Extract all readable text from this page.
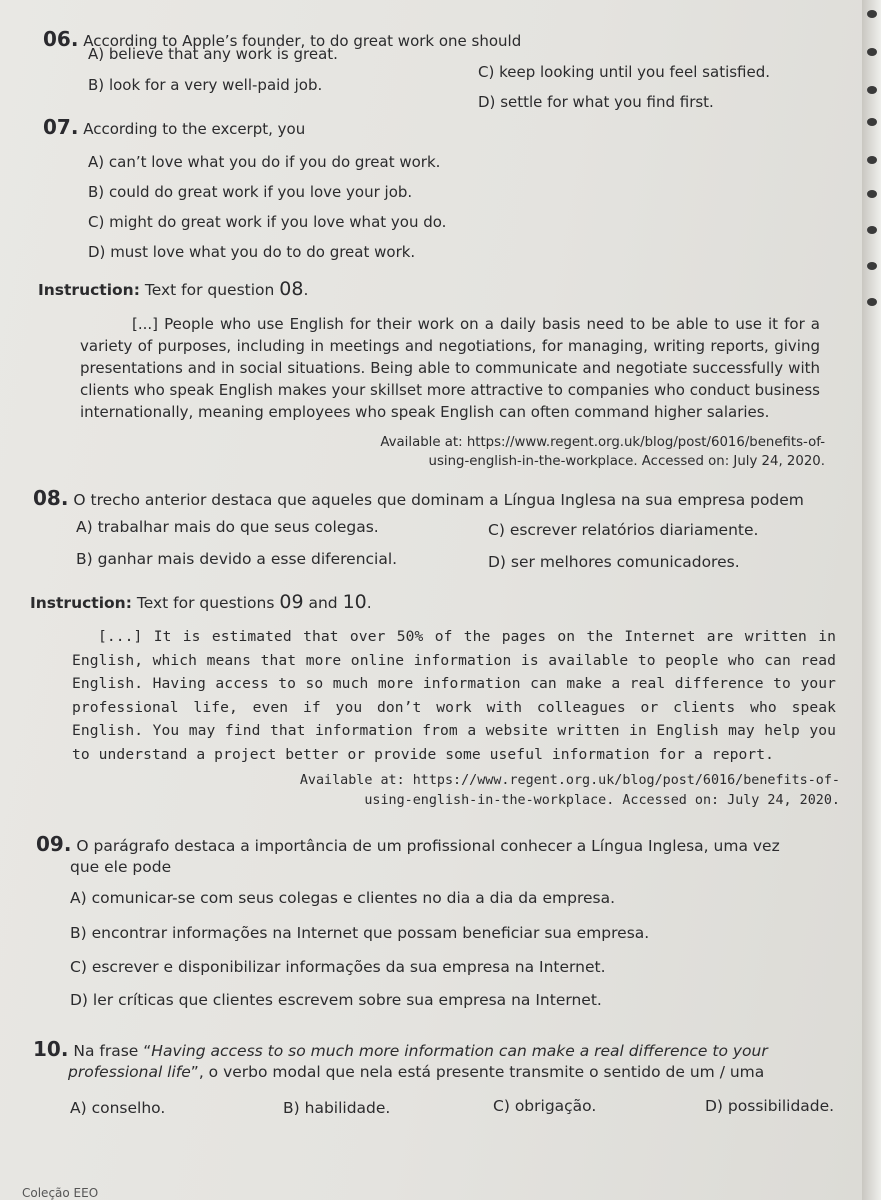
06. According to Apple’s founder, to do great work one should
A) believe that any work is great.
C) keep looking until you feel satisfied.
B) look for a very well-paid job.
D) settle for what you find first.
07. According to the excerpt, you
A) can’t love what you do if you do great work.
B) could do great work if you love your job.
C) might do great work if you love what you do.
D) must love what you do to do great work.
Instruction: Text for question 08.
[...] People who use English for their work on a daily basis need to be able to use it for a variety of purposes, including in meetings and negotiations, for managing, writing reports, giving presentations and in social situations. Being able to communicate and negotiate successfully with clients who speak English makes your skillset more attractive to companies who conduct business internationally, meaning employees who speak English can often command higher salaries.
Available at: https://www.regent.org.uk/blog/post/6016/benefits-of-
using-english-in-the-workplace. Accessed on: July 24, 2020.
08. O trecho anterior destaca que aqueles que dominam a Língua Inglesa na sua empresa podem
A) trabalhar mais do que seus colegas.	C) escrever relatórios diariamente.
B) ganhar mais devido a esse diferencial.	D) ser melhores comunicadores.
Instruction: Text for questions 09 and 10.
[...] It is estimated that over 50% of the pages on the Internet are written in English, which means that more online information is available to people who can read English. Having access to so much more information can make a real difference to your professional life, even if you don’t work with colleagues or clients who speak English. You may find that information from a website written in English may help you to understand a project better or provide some useful information for a report.
Available at: https://www.regent.org.uk/blog/post/6016/benefits-of-
using-english-in-the-workplace. Accessed on: July 24, 2020.
09. O parágrafo destaca a importância de um profissional conhecer a Língua Inglesa, uma vez
que ele pode
A) comunicar-se com seus colegas e clientes no dia a dia da empresa.
B) encontrar informações na Internet que possam beneficiar sua empresa.
C) escrever e disponibilizar informações da sua empresa na Internet.
D) ler críticas que clientes escrevem sobre sua empresa na Internet.
10. Na frase “Having access to so much more information can make a real difference to your
professional life”, o verbo modal que nela está presente transmite o sentido de um / uma
A) conselho.	B) habilidade.	C) obrigação.	D) possibilidade.
Coleção EEO
